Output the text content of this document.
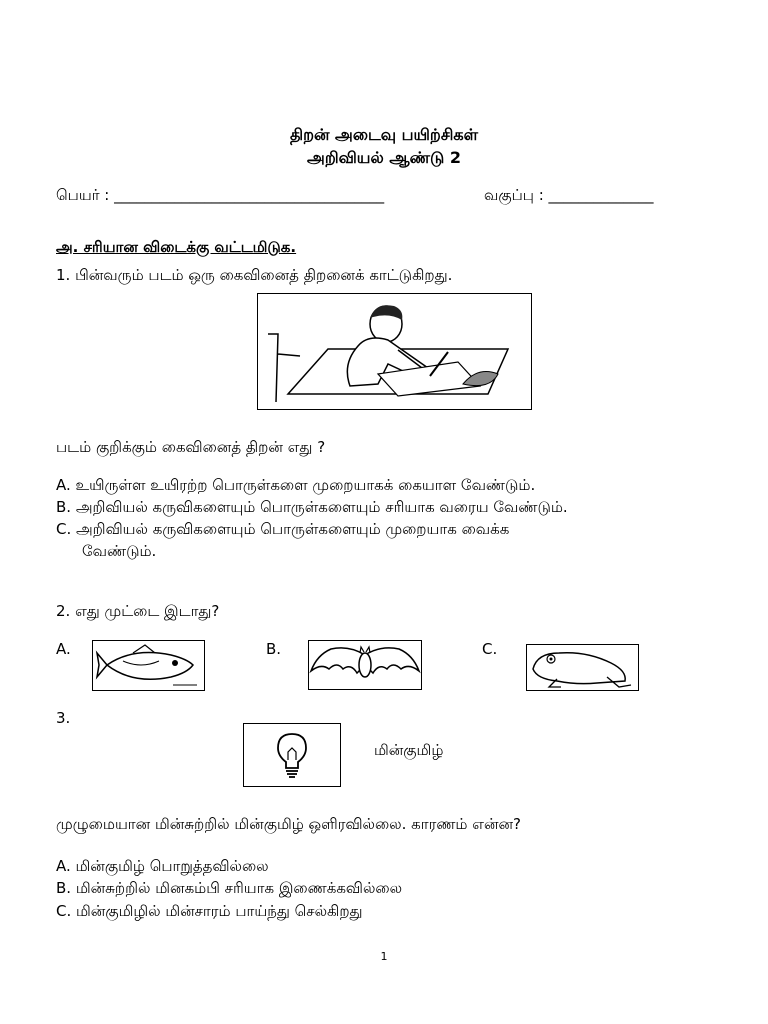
திறன் அடைவு பயிற்சிகள்
அறிவியல் ஆண்டு 2
பெயர் : ____________________________________	வகுப்பு : ______________
அ. சரியான விடைக்கு வட்டமிடுக.
1. பின்வரும் படம் ஒரு கைவினைத் திறனைக் காட்டுகிறது.
படம் குறிக்கும் கைவினைத் திறன் எது ?
A. உயிருள்ள உயிரற்ற பொருள்களை முறையாகக் கையாள வேண்டும்.
B. அறிவியல் கருவிகளையும் பொருள்களையும் சரியாக வரைய வேண்டும்.
C. அறிவியல் கருவிகளையும் பொருள்களையும் முறையாக வைக்க
வேண்டும்.
2. எது முட்டை இடாது?
A.	B.	C.
3.
மின்குமிழ்
முழுமையான மின்சுற்றில் மின்குமிழ் ஒளிரவில்லை. காரணம் என்ன?
A. மின்குமிழ் பொறுத்தவில்லை
B. மின்சுற்றில் மினகம்பி சரியாக இணைக்கவில்லை
C. மின்குமிழில் மின்சாரம் பாய்ந்து செல்கிறது
1
